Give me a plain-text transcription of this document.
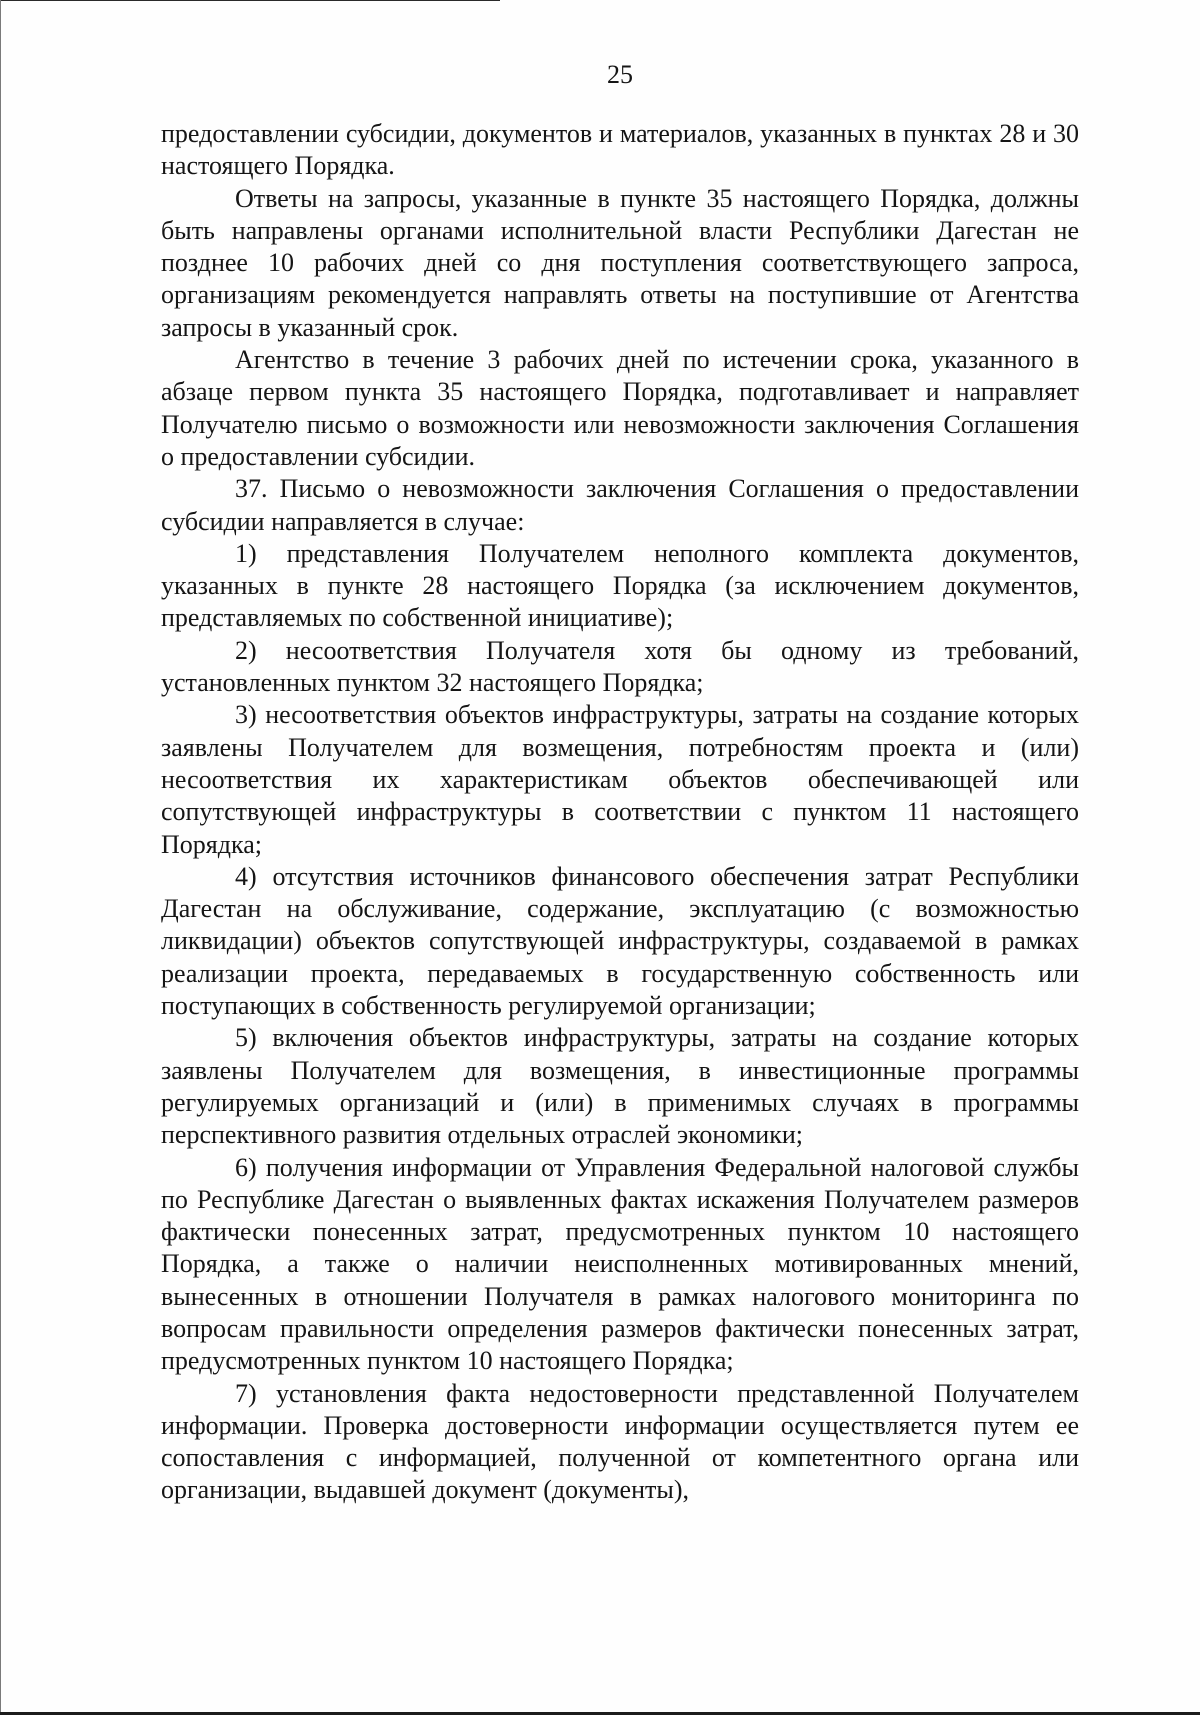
25

предоставлении субсидии, документов и материалов, указанных в пунктах 28 и 30 настоящего Порядка.

Ответы на запросы, указанные в пункте 35 настоящего Порядка, должны быть направлены органами исполнительной власти Республики Дагестан не позднее 10 рабочих дней со дня поступления соответствующего запроса, организациям рекомендуется направлять ответы на поступившие от Агентства запросы в указанный срок.

Агентство в течение 3 рабочих дней по истечении срока, указанного в абзаце первом пункта 35 настоящего Порядка, подготавливает и направляет Получателю письмо о возможности или невозможности заключения Соглашения о предоставлении субсидии.

37. Письмо о невозможности заключения Соглашения о предоставлении субсидии направляется в случае:

1) представления Получателем неполного комплекта документов, указанных в пункте 28 настоящего Порядка (за исключением документов, представляемых по собственной инициативе);

2) несоответствия Получателя хотя бы одному из требований, установленных пунктом 32 настоящего Порядка;

3) несоответствия объектов инфраструктуры, затраты на создание которых заявлены Получателем для возмещения, потребностям проекта и (или) несоответствия их характеристикам объектов обеспечивающей или сопутствующей инфраструктуры в соответствии с пунктом 11 настоящего Порядка;

4) отсутствия источников финансового обеспечения затрат Республики Дагестан на обслуживание, содержание, эксплуатацию (с возможностью ликвидации) объектов сопутствующей инфраструктуры, создаваемой в рамках реализации проекта, передаваемых в государственную собственность или поступающих в собственность регулируемой организации;

5) включения объектов инфраструктуры, затраты на создание которых заявлены Получателем для возмещения, в инвестиционные программы регулируемых организаций и (или) в применимых случаях в программы перспективного развития отдельных отраслей экономики;

6) получения информации от Управления Федеральной налоговой службы по Республике Дагестан о выявленных фактах искажения Получателем размеров фактически понесенных затрат, предусмотренных пунктом 10 настоящего Порядка, а также о наличии неисполненных мотивированных мнений, вынесенных в отношении Получателя в рамках налогового мониторинга по вопросам правильности определения размеров фактически понесенных затрат, предусмотренных пунктом 10 настоящего Порядка;

7) установления факта недостоверности представленной Получателем информации. Проверка достоверности информации осуществляется путем ее сопоставления с информацией, полученной от компетентного органа или организации, выдавшей документ (документы),
